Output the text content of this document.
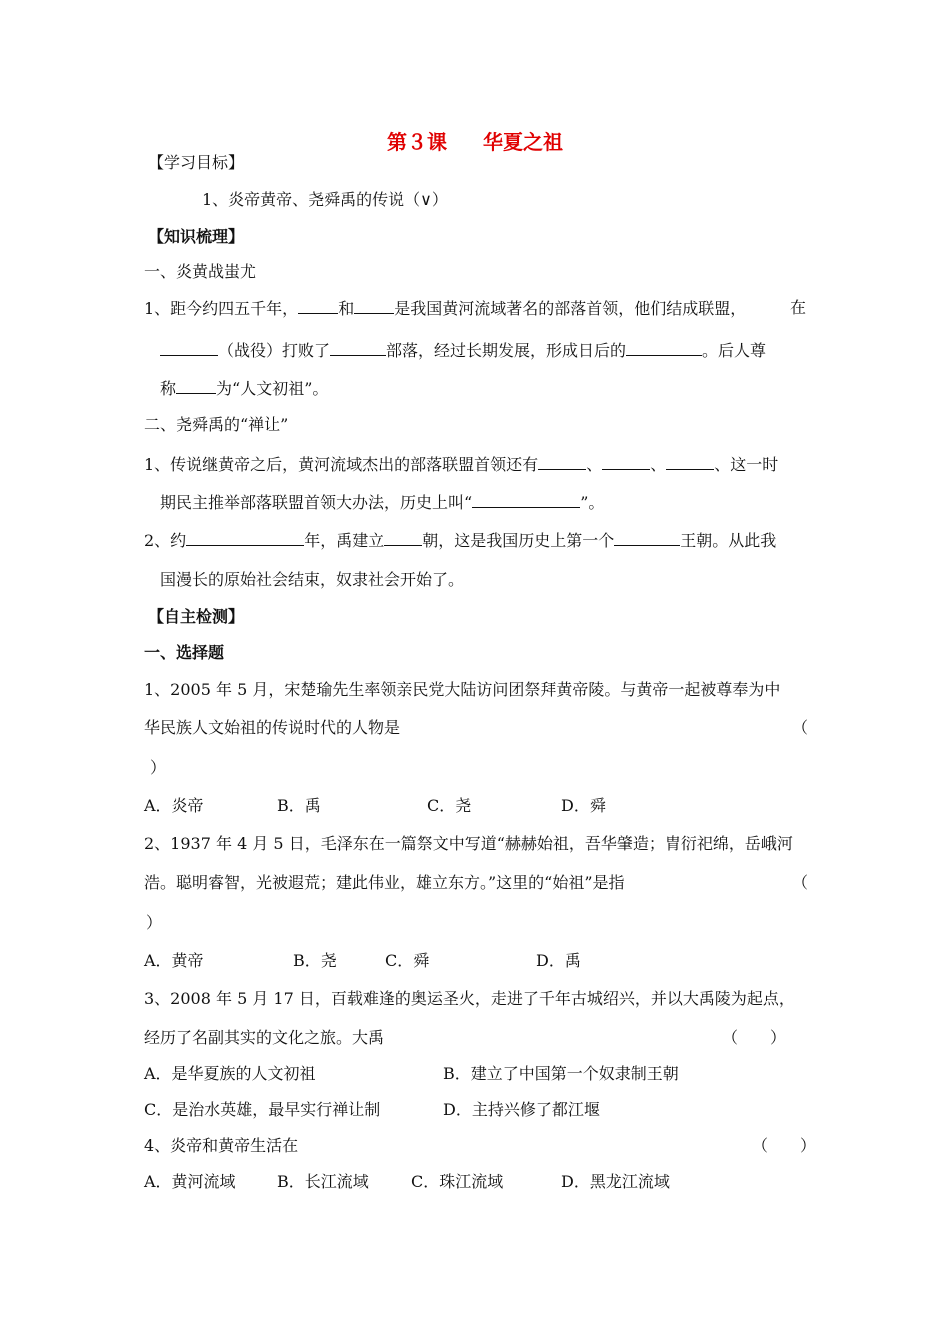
第３课 华夏之祖
【学习目标】
1、炎帝黄帝、尧舜禹的传说（∨）
【知识梳理】
一、炎黄战蚩尤
1、距今约四五千年，	和	是我国黄河流域著名的部落首领，他们结成联盟，	在
（战役）打败了	部落，经过长期发展，形成日后的	。后人尊
称	为“人文初祖”。
二、尧舜禹的“禅让”
1、传说继黄帝之后，黄河流域杰出的部落联盟首领还有	、	、	、这一时
期民主推举部落联盟首领大办法，历史上叫“	”。
2、约	年，禹建立 朝，这是我国历史上第一个	王朝。从此我
国漫长的原始社会结束，奴隶社会开始了。
【自主检测】
一、选择题
1、2005 年 5 月，宋楚瑜先生率领亲民党大陆访问团祭拜黄帝陵。与黄帝一起被尊奉为中
华民族人文始祖的传说时代的人物是	（
）
A．炎帝	B．禹	C．尧	D．舜
2、1937 年 4 月 5 日，毛泽东在一篇祭文中写道“赫赫始祖，吾华肇造；胄衍祀绵，岳峨河
浩。聪明睿智，光被遐荒；建此伟业，雄立东方。”这里的“始祖”是指	（
）
A．黄帝	B．尧	C．舜	D．禹
3、2008 年 5 月 17 日，百载难逢的奥运圣火，走进了千年古城绍兴，并以大禹陵为起点，
经历了名副其实的文化之旅。大禹	（　　）
A．是华夏族的人文初祖	B．建立了中国第一个奴隶制王朝
C．是治水英雄，最早实行禅让制	D．主持兴修了都江堰
4、炎帝和黄帝生活在	（　　）
A．黄河流域	B．长江流域	C．珠江流域	D．黑龙江流域
